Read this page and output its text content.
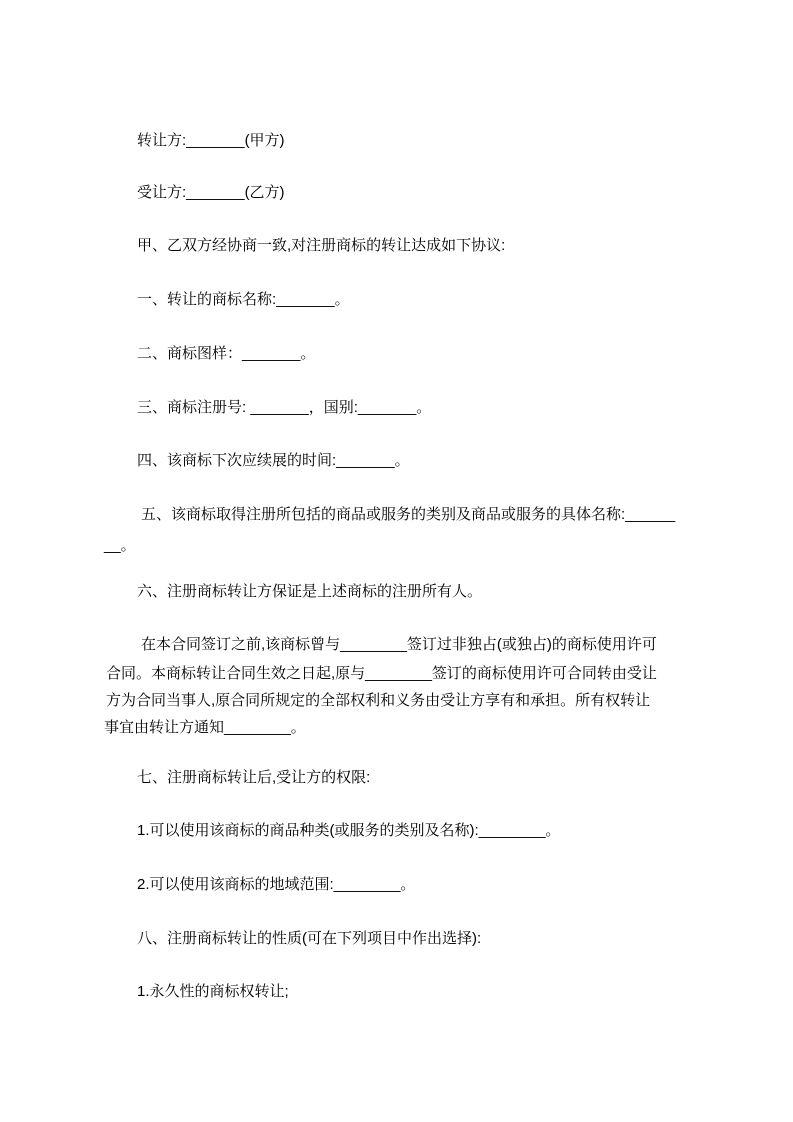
转让方:_______(甲方)
受让方:_______(乙方)
甲、乙双方经协商一致,对注册商标的转让达成如下协议:
一、转让的商标名称:_______。
二、商标图样：_______。
三、商标注册号: _______，国别:_______。
四、该商标下次应续展的时间:_______。
五、该商标取得注册所包括的商品或服务的类别及商品或服务的具体名称:______
__。
六、注册商标转让方保证是上述商标的注册所有人。
在本合同签订之前,该商标曾与________签订过非独占(或独占)的商标使用许可
合同。本商标转让合同生效之日起,原与________签订的商标使用许可合同转由受让
方为合同当事人,原合同所规定的全部权利和义务由受让方享有和承担。所有权转让
事宜由转让方通知________。
七、注册商标转让后,受让方的权限:
1.可以使用该商标的商品种类(或服务的类别及名称):________。
2.可以使用该商标的地域范围:________。
八、注册商标转让的性质(可在下列项目中作出选择):
1.永久性的商标权转让;
